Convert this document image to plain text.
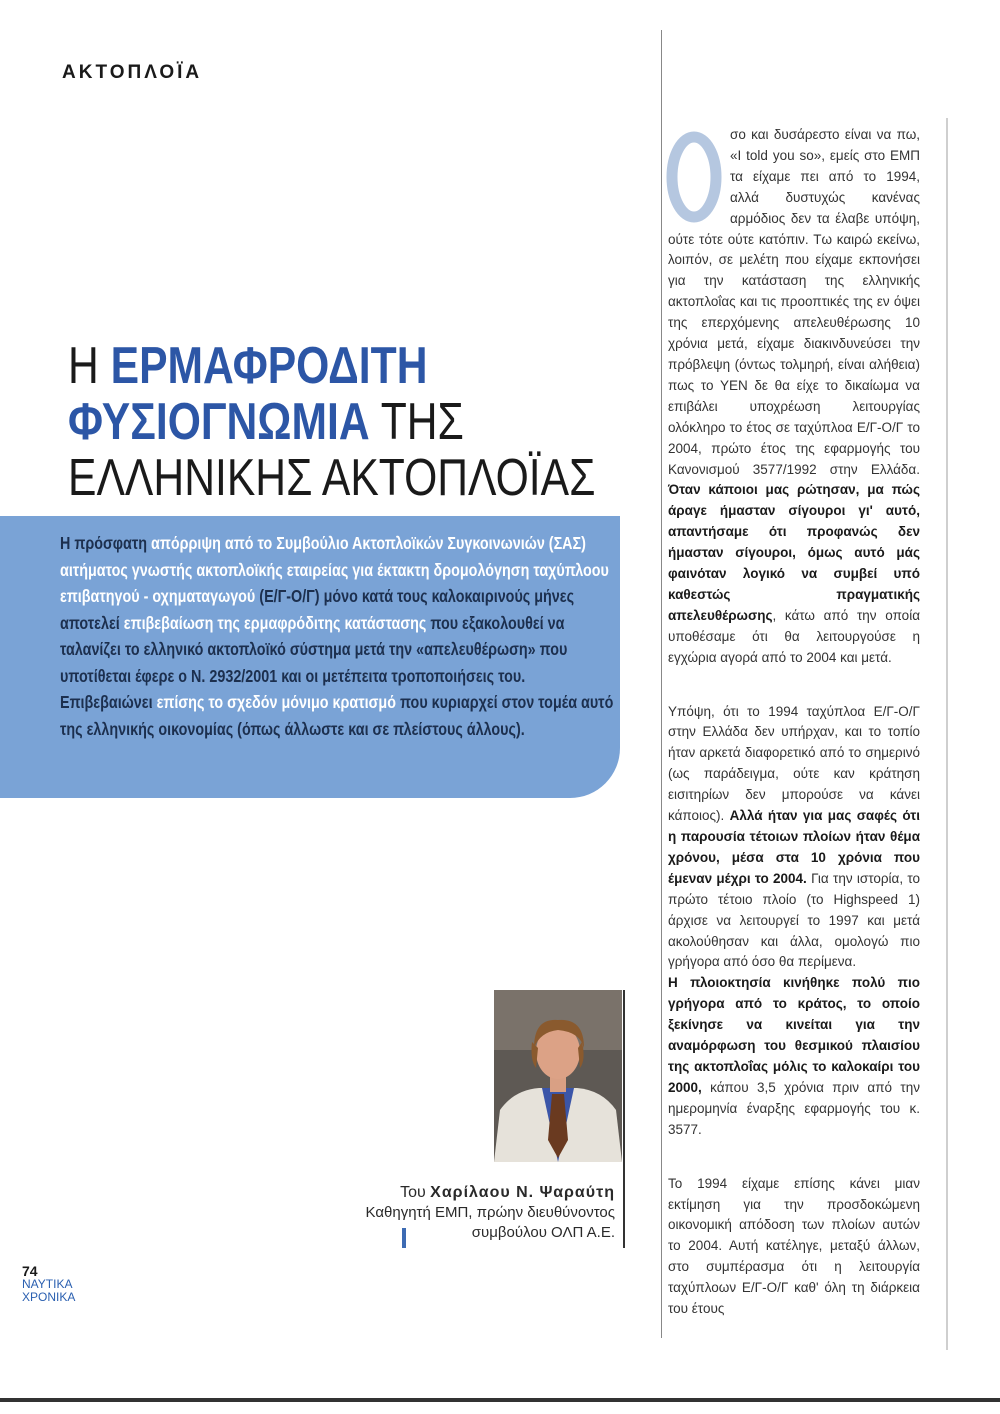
ΑΚΤΟΠΛΟΪΑ
Η ΕΡΜΑΦΡΟΔΙΤΗ
ΦΥΣΙΟΓΝΩΜΙΑ ΤΗΣ
ΕΛΛΗΝΙΚΗΣ ΑΚΤΟΠΛΟΪΑΣ
Η πρόσφατη απόρριψη από το Συμβούλιο Ακτοπλοϊκών Συγκοινωνιών (ΣΑΣ) αιτήματος γνωστής ακτοπλοϊκής εταιρείας για έκτακτη δρομολόγηση ταχύπλοου επιβατηγού - οχηματαγωγού (Ε/Γ-Ο/Γ) μόνο κατά τους καλοκαιρινούς μήνες αποτελεί επιβεβαίωση της ερμαφρόδιτης κατάστασης που εξακολουθεί να ταλανίζει το ελληνικό ακτοπλοϊκό σύστημα μετά την «απελευθέρωση» που υποτίθεται έφερε ο Ν. 2932/2001 και οι μετέπειτα τροποποιήσεις του. Επιβεβαιώνει επίσης το σχεδόν μόνιμο κρατισμό που κυριαρχεί στον τομέα αυτό της ελληνικής οικονομίας (όπως άλλωστε και σε πλείστους άλλους).
Του Χαρίλαου Ν. Ψαραύτη
Καθηγητή ΕΜΠ, πρώην διευθύνοντος
συμβούλου ΟΛΠ Α.Ε.
74
ΝΑΥΤΙΚΑ
ΧΡΟΝΙΚΑ

σο και δυσάρεστο είναι να πω, «I told you so», εμείς στο ΕΜΠ τα είχαμε πει από το 1994, αλλά δυστυχώς κανένας αρμόδιος δεν τα έλαβε υπόψη, ούτε τότε ούτε κατόπιν. Τω καιρώ εκείνω, λοιπόν, σε μελέτη που είχαμε εκπονήσει για την κατάσταση της ελληνικής ακτοπλοΐας και τις προοπτικές της εν όψει της επερχόμενης απελευθέρωσης 10 χρόνια μετά, είχαμε διακινδυνεύσει την πρόβλεψη (όντως τολμηρή, είναι αλήθεια) πως το ΥΕΝ δε θα είχε το δικαίωμα να επιβάλει υποχρέωση λειτουργίας ολόκληρο το έτος σε ταχύπλοα Ε/Γ-Ο/Γ το 2004, πρώτο έτος της εφαρμογής του Κανονισμού 3577/1992 στην Ελλάδα. Όταν κάποιοι μας ρώτησαν, μα πώς άραγε ήμασταν σίγουροι γι' αυτό, απαντήσαμε ότι προφανώς δεν ήμασταν σίγουροι, όμως αυτό μάς φαινόταν λογικό να συμβεί υπό καθεστώς πραγματικής απελευθέρωσης, κάτω από την οποία υποθέσαμε ότι θα λειτουργούσε η εγχώρια αγορά από το 2004 και μετά.

Υπόψη, ότι το 1994 ταχύπλοα Ε/Γ-Ο/Γ στην Ελλάδα δεν υπήρχαν, και το τοπίο ήταν αρκετά διαφορετικό από το σημερινό (ως παράδειγμα, ούτε καν κράτηση εισιτηρίων δεν μπορούσε να κάνει κάποιος). Αλλά ήταν για μας σαφές ότι η παρουσία τέτοιων πλοίων ήταν θέμα χρόνου, μέσα στα 10 χρόνια που έμεναν μέχρι το 2004. Για την ιστορία, το πρώτο τέτοιο πλοίο (το Highspeed 1) άρχισε να λειτουργεί το 1997 και μετά ακολούθησαν και άλλα, ομολογώ πιο γρήγορα από όσο θα περίμενα.
Η πλοιοκτησία κινήθηκε πολύ πιο γρήγορα από το κράτος, το οποίο ξεκίνησε να κινείται για την αναμόρφωση του θεσμικού πλαισίου της ακτοπλοΐας μόλις το καλοκαίρι του 2000, κάπου 3,5 χρόνια πριν από την ημερομηνία έναρξης εφαρμογής του κ. 3577.

Το 1994 είχαμε επίσης κάνει μιαν εκτίμηση για την προσδοκώμενη οικονομική απόδοση των πλοίων αυτών το 2004. Αυτή κατέληγε, μεταξύ άλλων, στο συμπέρασμα ότι η λειτουργία ταχύπλοων Ε/Γ-Ο/Γ καθ' όλη τη διάρκεια του έτους
